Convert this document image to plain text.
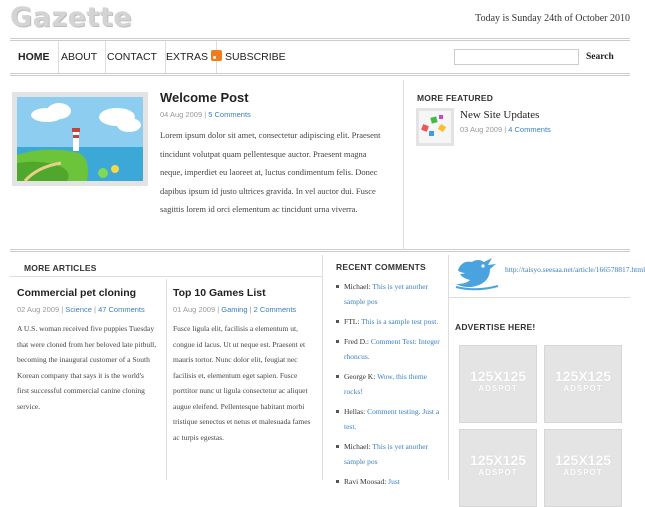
Gazette	Today is Sunday 24th of October 2010
HOME	ABOUT CONTACT EXTRAS	SUBSCRIBE	Search
Welcome Post
04 Aug 2009 | 5 Comments
Lorem ipsum dolor sit amet, consectetur adipiscing elit. Praesent tincidunt volutpat quam pellentesque auctor. Praesent magna neque, imperdiet eu laoreet at, luctus condimentum felis. Donec dapibus ipsum id justo ultrices gravida. In vel auctor dui. Fusce sagittis lorem id orci elementum ac tincidunt urna viverra.
MORE FEATURED
New Site Updates
03 Aug 2009 | 4 Comments
MORE ARTICLES
Commercial pet cloning
02 Aug 2009 | Science | 47 Comments
A U.S. woman received five puppies Tuesday that were cloned from her beloved late pitbull, becoming the inaugural customer of a South Korean company that says it is the world's first successful commercial canine cloning service.
Top 10 Games List
01 Aug 2009 | Gaming | 2 Comments
Fusce ligula elit, facilisis a elementum ut, congue id lacus. Ut ut neque est. Praesent et mauris tortor. Nunc dolor elit, feugiat nec facilisis et, elementum eget sapien. Fusce porttitor nunc ut ligula consectetur ac aliquet augue eleifend. Pellentesque habitant morbi tristique senectus et netus et malesuada fames ac turpis egestas.
RECENT COMMENTS
Michael: This is yet another sample pos
FTL: This is a sample test post.
Fred D.: Comment Test: Integer rhoncus.
George K: Wow, this theme rocks!
Hellas: Comment testing. Just a test.
Michael: This is yet another sample pos
Ravi Moosad: Just
http://taisyo.seesaa.net/article/166578817.html
ADVERTISE HERE!
125X125
ADSPOT
125X125
ADSPOT
125X125
ADSPOT
125X125
ADSPOT
